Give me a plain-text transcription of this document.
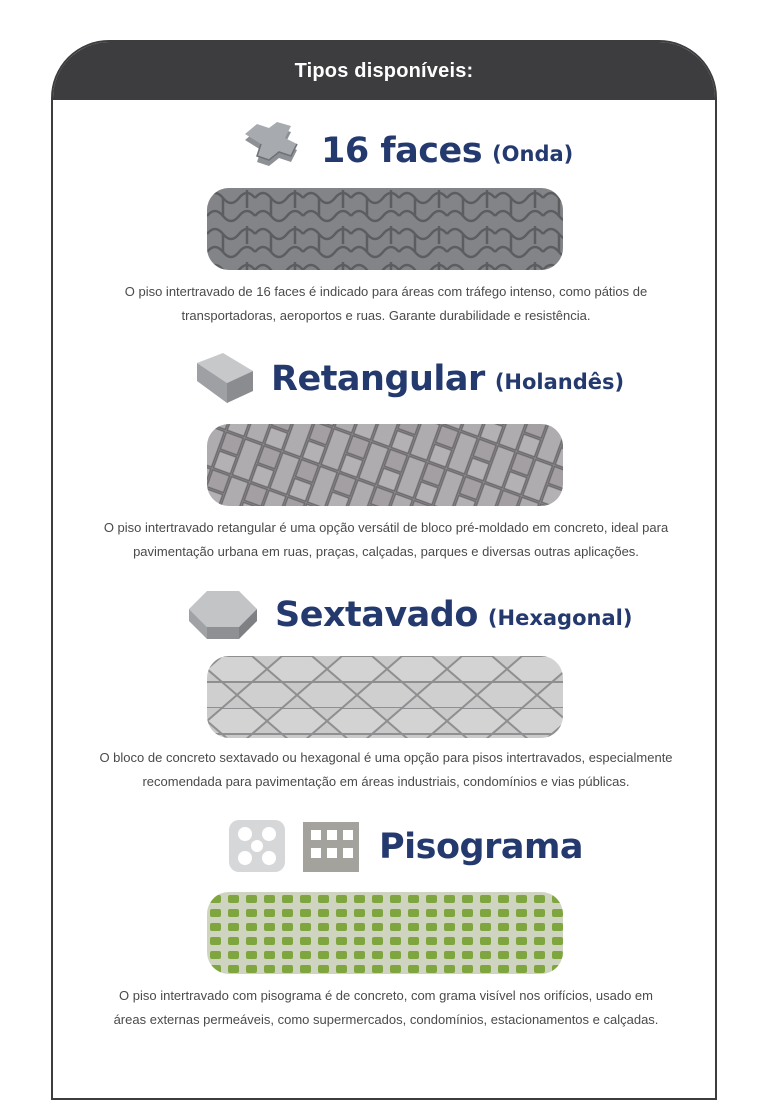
Tipos disponíveis:
16 faces (Onda)
O piso intertravado de 16 faces é indicado para áreas com tráfego intenso, como pátios de
transportadoras, aeroportos e ruas. Garante durabilidade e resistência.
Retangular (Holandês)
O piso intertravado retangular é uma opção versátil de bloco pré-moldado em concreto, ideal para
pavimentação urbana em ruas, praças, calçadas, parques e diversas outras aplicações.
Sextavado (Hexagonal)
O bloco de concreto sextavado ou hexagonal é uma opção para pisos intertravados, especialmente
recomendada para pavimentação em áreas industriais, condomínios e vias públicas.
Pisograma
O piso intertravado com pisograma é de concreto, com grama visível nos orifícios, usado em
áreas externas permeáveis, como supermercados, condomínios, estacionamentos e calçadas.
